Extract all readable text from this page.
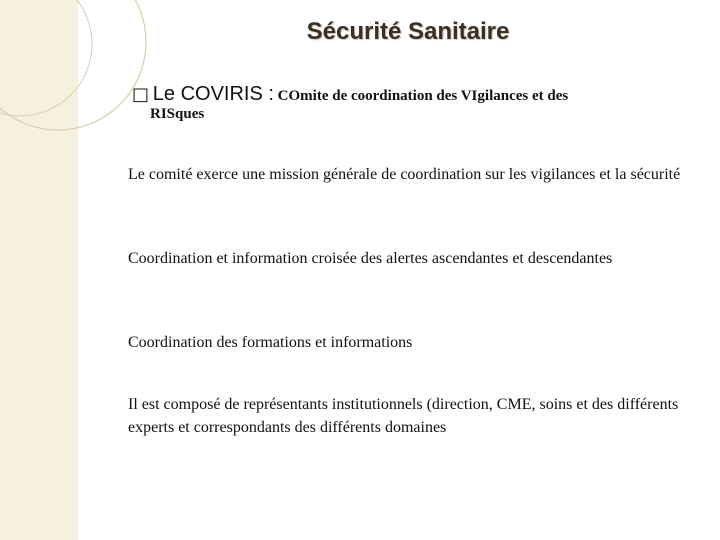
Sécurité Sanitaire
□ Le COVIRIS : COmite de coordination des VIgilances et des
RISques
Le comité exerce une mission générale de coordination sur les vigilances et la sécurité
Coordination et information croisée des alertes ascendantes et descendantes
Coordination des formations et informations
Il est composé de représentants institutionnels (direction, CME, soins et des différents experts et correspondants des différents domaines
